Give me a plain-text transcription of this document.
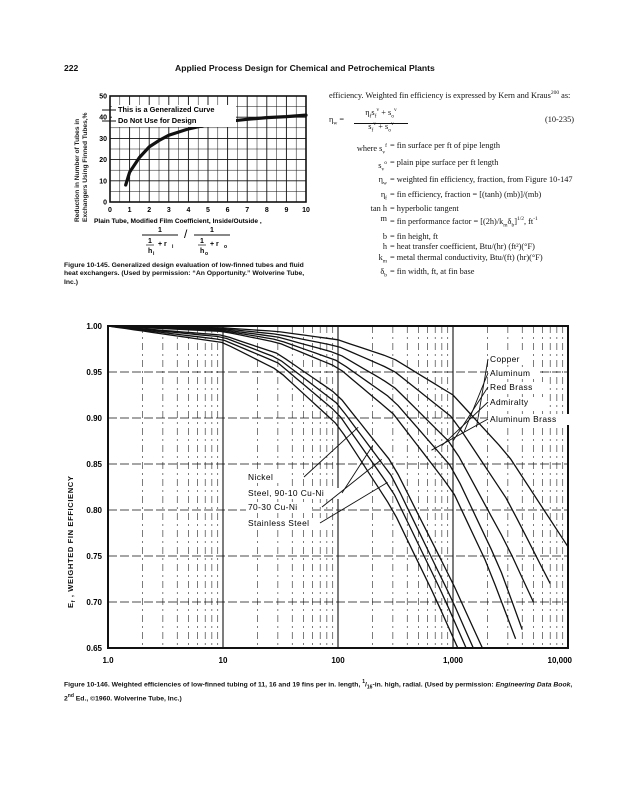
222	Applied Process Design for Chemical and Petrochemical Plants
Reduction in Number of Tubes in Exchangers Using Finned Tubes,%
50
40
30
20
10
0
0 1 2 3 4 5 6 7 8 9 10
This is a Generalized Curve
Do Not Use for Design
Plain Tube, Modified Film Coefficient, Inside/Outside ,
1
1
h i
+ r i
/	1
1
h o
+ r o
Figure 10-145. Generalized design evaluation of low-finned tubes and fluid heat exchangers. (Used by permission: “An Opportunity.” Wolverine Tube, Inc.)

efficiency. Weighted fin efficiency is expressed by Kern and Kraus$^{200}$ as:

$\eta_w$ =
$\eta_fs_f^v + s_o^v$
$s_f^v + s_o^v$	(10-235)
where $s_v^f$ = fin surface per ft of pipe length
$s_v^o$ = plain pipe surface per ft length
$\eta_w$ = weighted fin efficiency, fraction, from Figure 10-147
$\eta_f$ = fin efficiency, fraction = [(tanh) (mb)]/(mb)
tan h = hyperbolic tangent
m = fin performance factor = $[(2h)/k_m\delta_b]^{1/2}$, $ft^{-1}$
b = fin height, ft
h = heat transfer coefficient, Btu/(hr) (ft²)(°F)
$k_m$ = metal thermal conductivity, Btu/(ft) (hr)(°F)
$\delta_b$ = fin width, ft, at fin base
$E_f$ , WEIGHTED FIN EFFICIENCY
1.00
0.95
0.90
0.85
0.80
0.75
0.70
0.65
1.0	10	100	1,000	10,000
Copper
Aluminum
Red Brass
Admiralty
Aluminum Brass
Nickel
Steel, 90-10 Cu-Ni
70-30 Cu-Ni
Stainless Steel
Figure 10-146. Weighted efficiencies of low-finned tubing of 11, 16 and 19 fins per in. length, $^1/_{16}-in$. high, radial. (Used by permission: Engineering Data Book, 2nd Ed., ©1960. Wolverine Tube, Inc.)
